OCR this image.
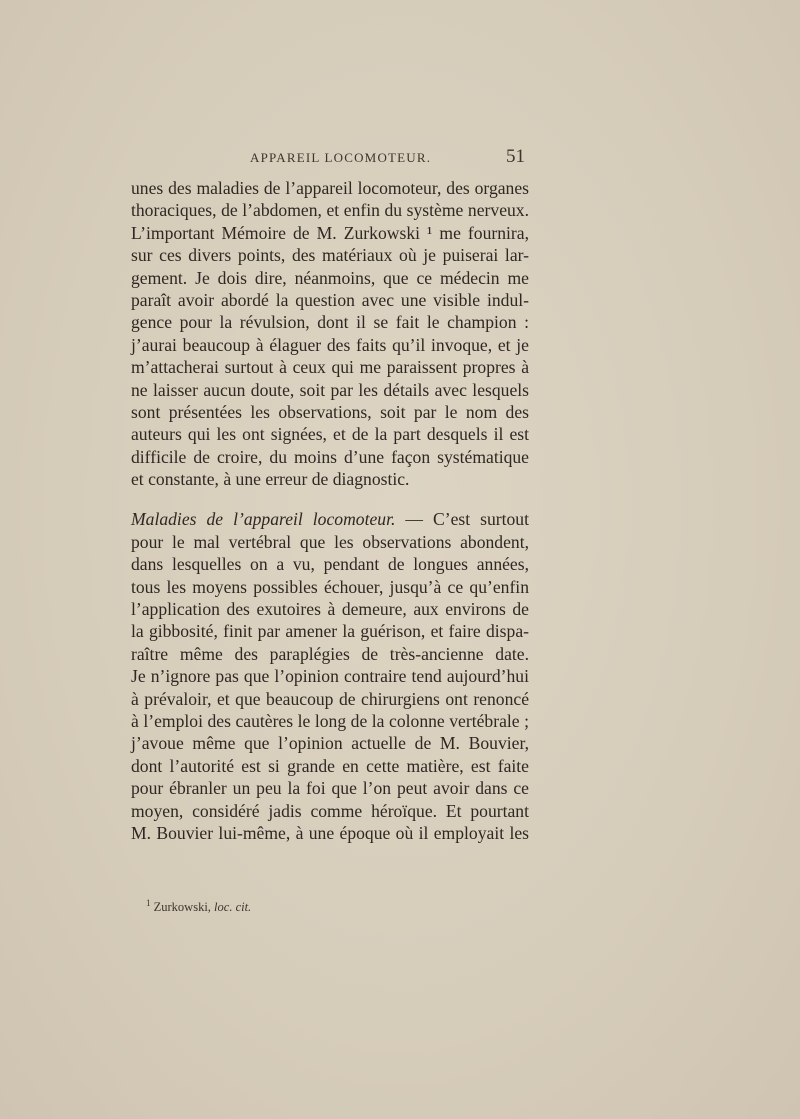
APPAREIL LOCOMOTEUR.	51
unes des maladies de l’appareil locomoteur, des organes
thoraciques, de l’abdomen, et enfin du système nerveux.
L’important Mémoire de M. Zurkowski ¹ me fournira,
sur ces divers points, des matériaux où je puiserai lar-
gement. Je dois dire, néanmoins, que ce médecin me
paraît avoir abordé la question avec une visible indul-
gence pour la révulsion, dont il se fait le champion :
j’aurai beaucoup à élaguer des faits qu’il invoque, et je
m’attacherai surtout à ceux qui me paraissent propres à
ne laisser aucun doute, soit par les détails avec lesquels
sont présentées les observations, soit par le nom des
auteurs qui les ont signées, et de la part desquels il est
difficile de croire, du moins d’une façon systématique
et constante, à une erreur de diagnostic.
Maladies de l’appareil locomoteur. — C’est surtout
pour le mal vertébral que les observations abondent,
dans lesquelles on a vu, pendant de longues années,
tous les moyens possibles échouer, jusqu’à ce qu’enfin
l’application des exutoires à demeure, aux environs de
la gibbosité, finit par amener la guérison, et faire dispa-
raître même des paraplégies de très-ancienne date.
Je n’ignore pas que l’opinion contraire tend aujourd’hui
à prévaloir, et que beaucoup de chirurgiens ont renoncé
à l’emploi des cautères le long de la colonne vertébrale ;
j’avoue même que l’opinion actuelle de M. Bouvier,
dont l’autorité est si grande en cette matière, est faite
pour ébranler un peu la foi que l’on peut avoir dans ce
moyen, considéré jadis comme héroïque. Et pourtant
M. Bouvier lui-même, à une époque où il employait les
$^1$ Zurkowski, loc. cit.
